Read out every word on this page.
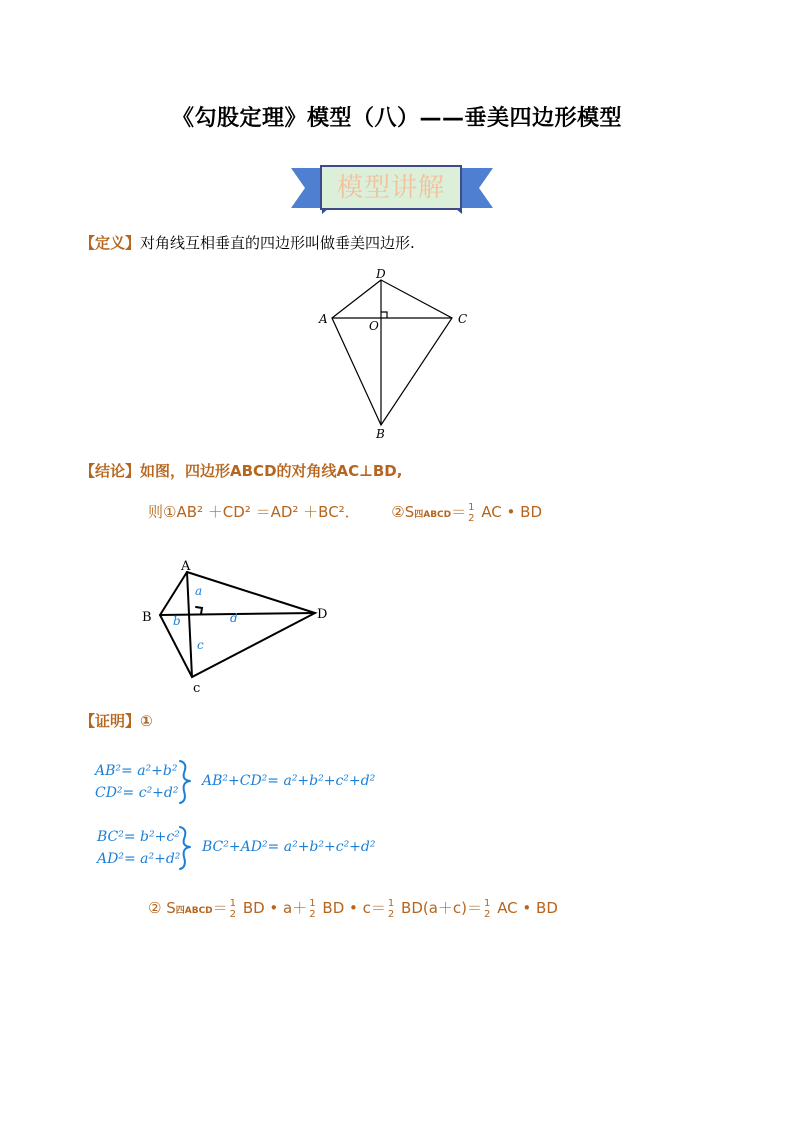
《勾股定理》模型（八）——垂美四边形模型
模型讲解
【定义】对角线互相垂直的四边形叫做垂美四边形.
D
A	C
O
B
【结论】如图，四边形ABCD的对角线AC⊥BD,
则①AB² ＋CD² ＝AD² ＋BC²． ②S四ABCD＝ 1
2 AC • BD
A
B	D
c
a
b	d
c
【证明】①
AB²= a²+b²
CD²= c²+d²
AB²+CD²= a²+b²+c²+d²
BC²= b²+c²
AD²= a²+d²
BC²+AD²= a²+b²+c²+d²
② S四ABCD＝ 1
2 BD • a＋ 1
2 BD • c＝ 1
2 BD(a＋c)＝ 1
2 AC • BD
